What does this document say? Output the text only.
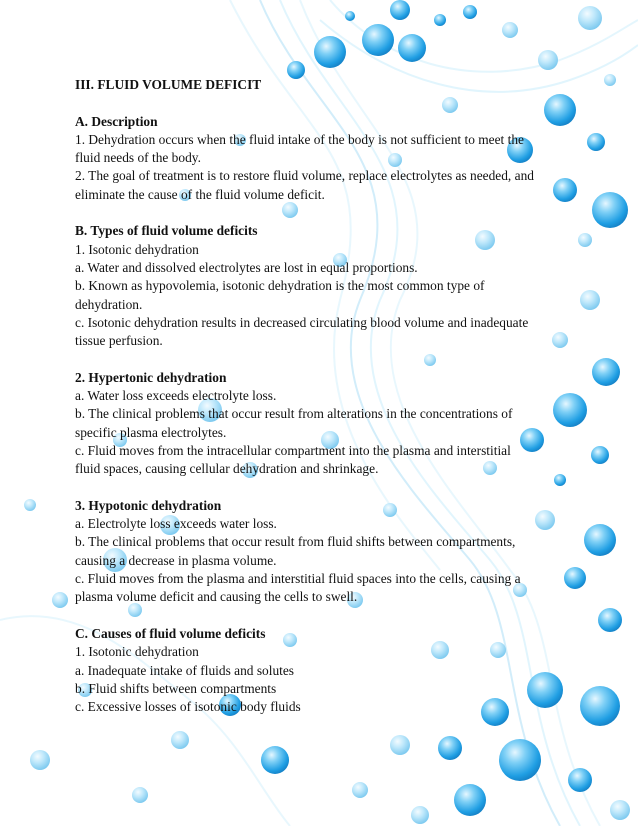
III. FLUID VOLUME DEFICIT

A. Description

1. Dehydration occurs when the fluid intake of the body is not sufficient to meet the

fluid needs of the body.

2. The goal of treatment is to restore fluid volume, replace electrolytes as needed, and

eliminate the cause of the fluid volume deficit.

B. Types of fluid volume deficits

1. Isotonic dehydration

a. Water and dissolved electrolytes are lost in equal proportions.

b. Known as hypovolemia, isotonic dehydration is the most common type of

dehydration.

c. Isotonic dehydration results in decreased circulating blood volume and inadequate

tissue perfusion.

2. Hypertonic dehydration

a. Water loss exceeds electrolyte loss.

b. The clinical problems that occur result from alterations in the concentrations of

specific plasma electrolytes.

c. Fluid moves from the intracellular compartment into the plasma and interstitial

fluid spaces, causing cellular dehydration and shrinkage.

3. Hypotonic dehydration

a. Electrolyte loss exceeds water loss.

b. The clinical problems that occur result from fluid shifts between compartments,

causing a decrease in plasma volume.

c. Fluid moves from the plasma and interstitial fluid spaces into the cells, causing a

plasma volume deficit and causing the cells to swell.

C. Causes of fluid volume deficits

1. Isotonic dehydration

a. Inadequate intake of fluids and solutes

b. Fluid shifts between compartments

c. Excessive losses of isotonic body fluids
